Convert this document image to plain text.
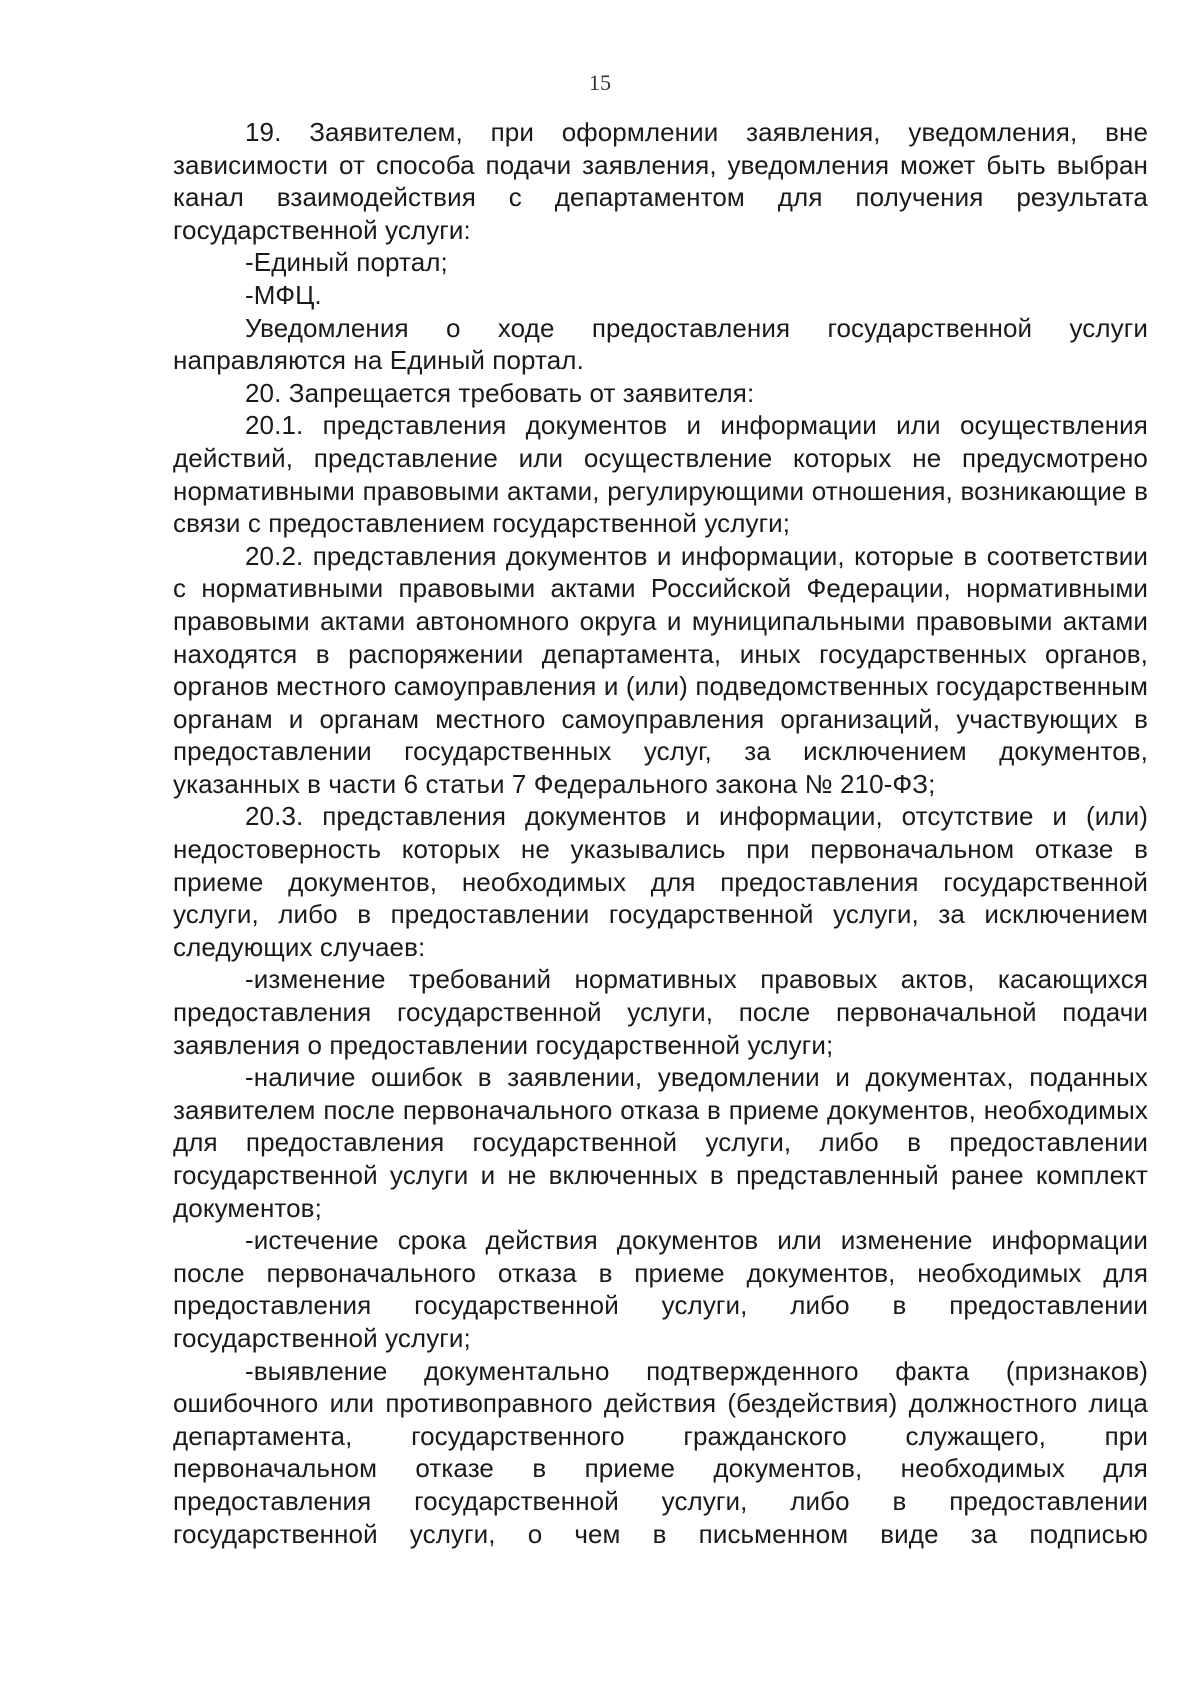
15

19. Заявителем, при оформлении заявления, уведомления, вне зависимости от способа подачи заявления, уведомления может быть выбран канал взаимодействия с департаментом для получения результата государственной услуги:

-Единый портал;

-МФЦ.

Уведомления о ходе предоставления государственной услуги направляются на Единый портал.

20. Запрещается требовать от заявителя:

20.1. представления документов и информации или осуществления действий, представление или осуществление которых не предусмотрено нормативными правовыми актами, регулирующими отношения, возникающие в связи с предоставлением государственной услуги;

20.2. представления документов и информации, которые в соответствии с нормативными правовыми актами Российской Федерации, нормативными правовыми актами автономного округа и муниципальными правовыми актами находятся в распоряжении департамента, иных государственных органов, органов местного самоуправления и (или) подведомственных государственным органам и органам местного самоуправления организаций, участвующих в предоставлении государственных услуг, за исключением документов, указанных в части 6 статьи 7 Федерального закона № 210-ФЗ;

20.3. представления документов и информации, отсутствие и (или) недостоверность которых не указывались при первоначальном отказе в приеме документов, необходимых для предоставления государственной услуги, либо в предоставлении государственной услуги, за исключением следующих случаев:

-изменение требований нормативных правовых актов, касающихся предоставления государственной услуги, после первоначальной подачи заявления о предоставлении государственной услуги;

-наличие ошибок в заявлении, уведомлении и документах, поданных заявителем после первоначального отказа в приеме документов, необходимых для предоставления государственной услуги, либо в предоставлении государственной услуги и не включенных в представленный ранее комплект документов;

-истечение срока действия документов или изменение информации после первоначального отказа в приеме документов, необходимых для предоставления государственной услуги, либо в предоставлении государственной услуги;

-выявление документально подтвержденного факта (признаков) ошибочного или противоправного действия (бездействия) должностного лица департамента, государственного гражданского служащего, при первоначальном отказе в приеме документов, необходимых для предоставления государственной услуги, либо в предоставлении государственной услуги, о чем в письменном виде за подписью
